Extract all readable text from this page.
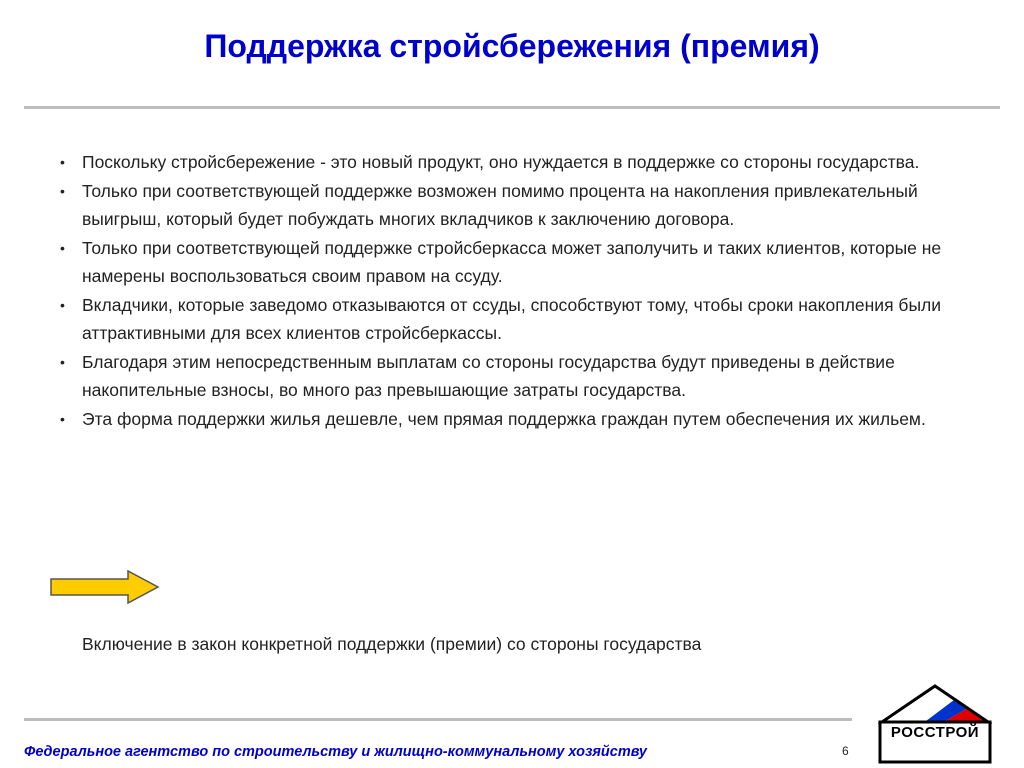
Поддержка стройсбережения (премия)
• Поскольку стройсбережение - это новый продукт, оно нуждается в поддержке со стороны государства.
• Только при соответствующей поддержке возможен помимо процента на накопления привлекательный выигрыш, который будет побуждать многих вкладчиков к заключению договора.
• Только при соответствующей поддержке стройсберкасса может заполучить и таких клиентов, которые не намерены воспользоваться своим правом на ссуду.
• Вкладчики, которые заведомо отказываются от ссуды, способствуют тому, чтобы сроки накопления были аттрактивными для всех клиентов стройсберкассы.
• Благодаря этим непосредственным выплатам со стороны государства будут приведены в действие накопительные взносы, во много раз превышающие затраты государства.
• Эта форма поддержки жилья дешевле, чем прямая поддержка граждан путем обеспечения их жильем.
Включение в закон конкретной поддержки (премии) со стороны государства
Федеральное агентство по строительству и жилищно-коммунальному хозяйству	6
РОССТРОЙ
